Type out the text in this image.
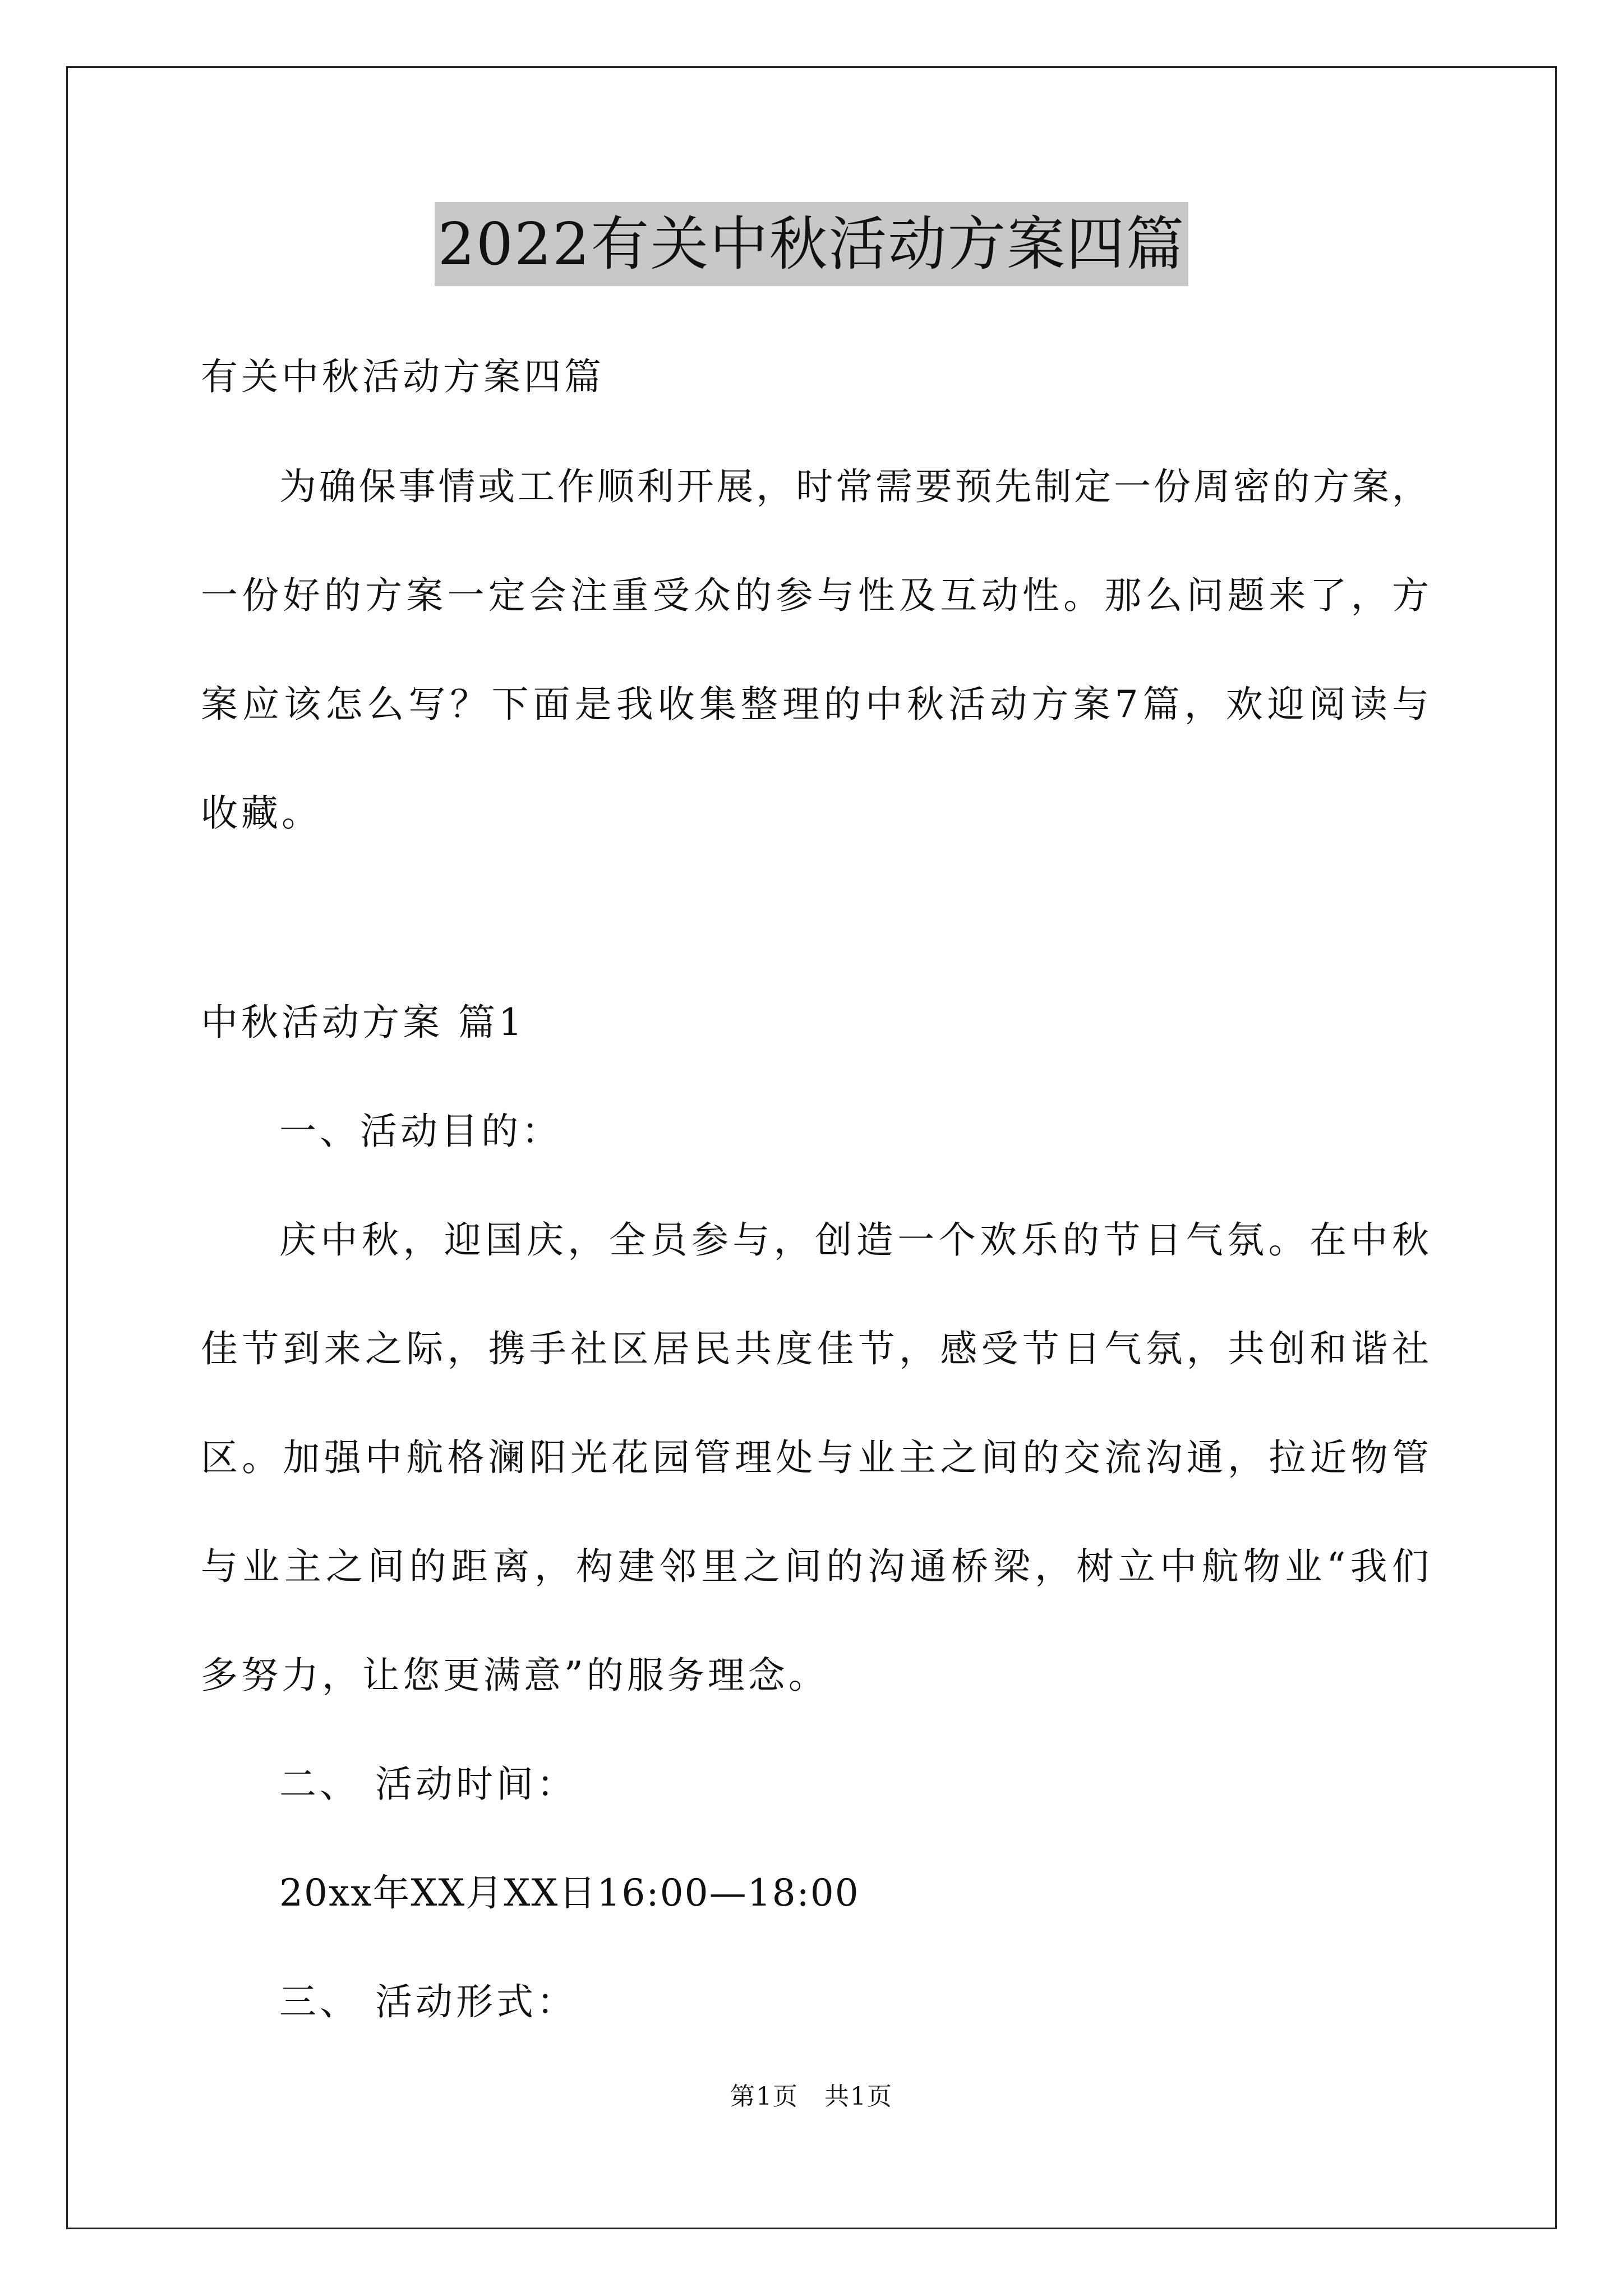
2022有关中秋活动方案四篇
有关中秋活动方案四篇
为确保事情或工作顺利开展，时常需要预先制定一份周密的方案，
一份好的方案一定会注重受众的参与性及互动性。那么问题来了，方
案应该怎么写？下面是我收集整理的中秋活动方案7篇，欢迎阅读与
收藏。
中秋活动方案 篇1
一、活动目的：
庆中秋，迎国庆，全员参与，创造一个欢乐的节日气氛。在中秋
佳节到来之际，携手社区居民共度佳节，感受节日气氛，共创和谐社
区。加强中航格澜阳光花园管理处与业主之间的交流沟通，拉近物管
与业主之间的距离，构建邻里之间的沟通桥梁，树立中航物业“我们
多努力，让您更满意”的服务理念。
二、 活动时间：
20xx年XX月XX日16:00—18:00
三、 活动形式：
第1页　共1页
